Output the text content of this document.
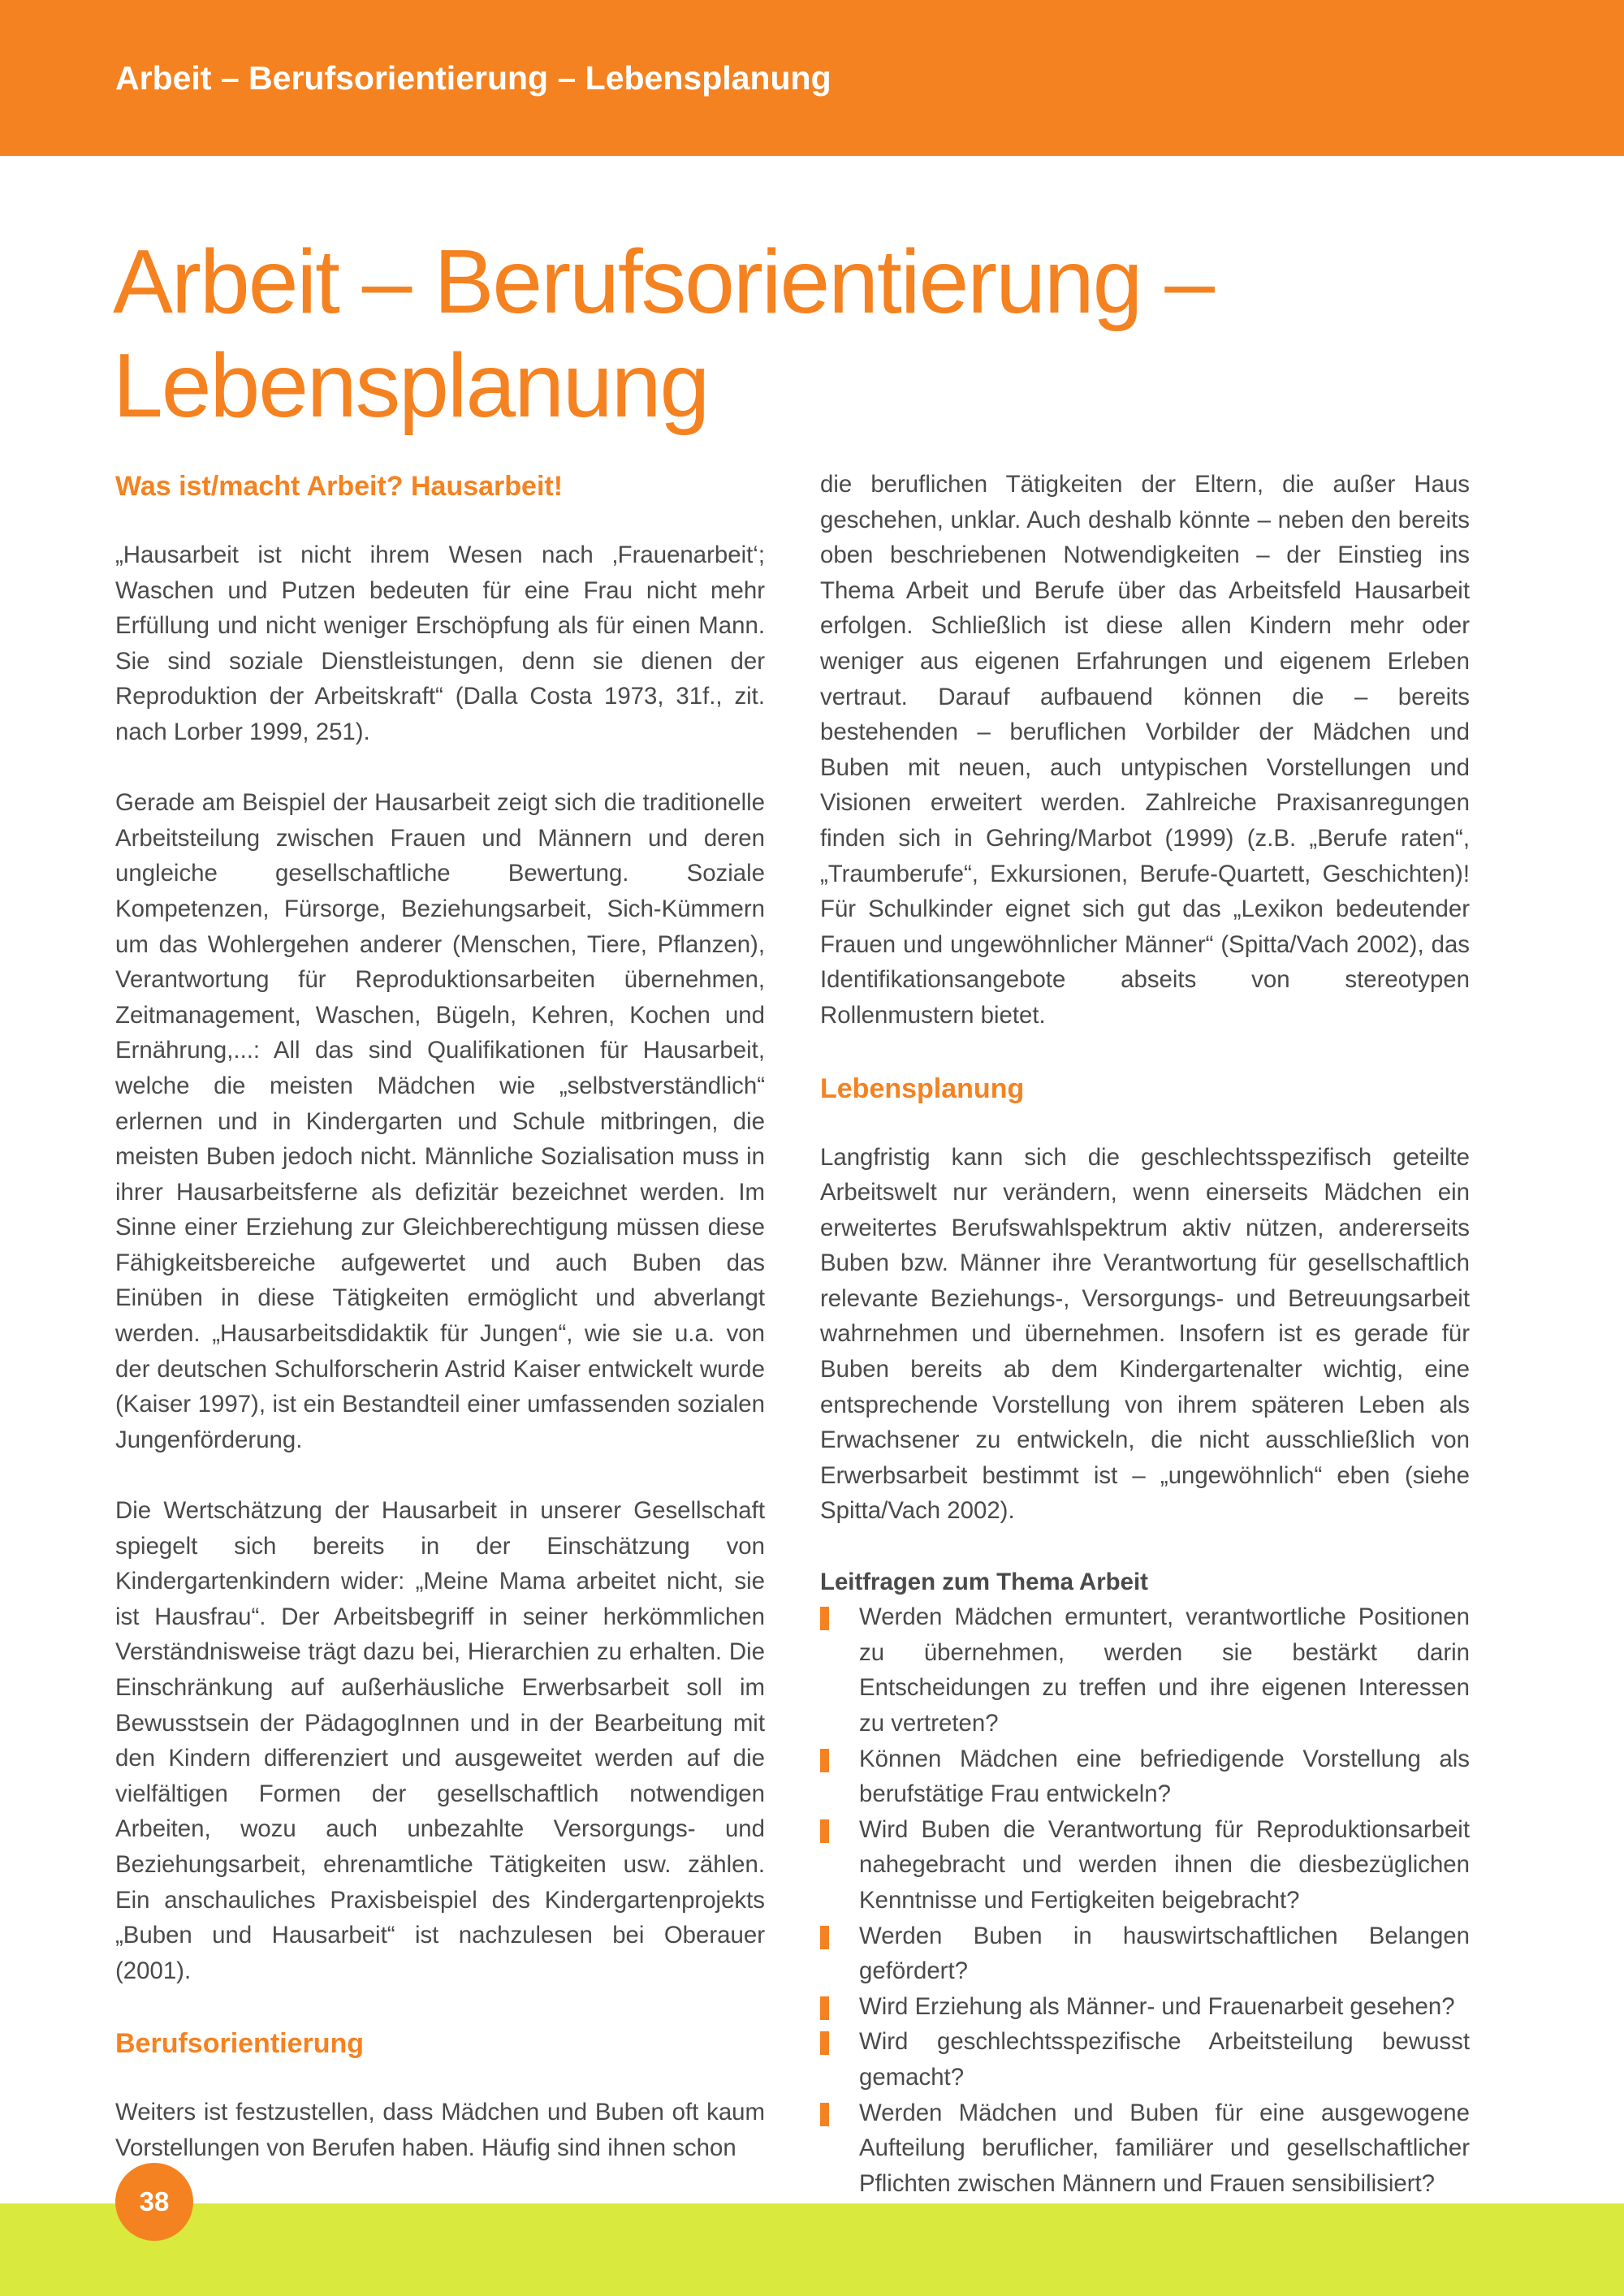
Arbeit – Berufsorientierung – Lebensplanung
Arbeit – Berufsorientierung –
Lebensplanung
Was ist/macht Arbeit? Hausarbeit!

„Hausarbeit ist nicht ihrem Wesen nach ‚Frauenarbeit‘; Waschen und Putzen bedeuten für eine Frau nicht mehr Erfüllung und nicht weniger Erschöpfung als für einen Mann. Sie sind soziale Dienstleistungen, denn sie dienen der Reproduktion der Arbeitskraft“ (Dalla Costa 1973, 31f., zit. nach Lorber 1999, 251).

Gerade am Beispiel der Hausarbeit zeigt sich die traditionelle Arbeitsteilung zwischen Frauen und Männern und deren ungleiche gesellschaftliche Bewertung. Soziale Kompetenzen, Fürsorge, Beziehungsarbeit, Sich-Kümmern um das Wohlergehen anderer (Menschen, Tiere, Pflanzen), Verantwortung für Reproduktionsarbeiten übernehmen, Zeitmanagement, Waschen, Bügeln, Kehren, Kochen und Ernährung,...: All das sind Qualifikationen für Hausarbeit, welche die meisten Mädchen wie „selbstverständlich“ erlernen und in Kindergarten und Schule mitbringen, die meisten Buben jedoch nicht. Männliche Sozialisation muss in ihrer Hausarbeitsferne als defizitär bezeichnet werden. Im Sinne einer Erziehung zur Gleichberechtigung müssen diese Fähigkeitsbereiche aufgewertet und auch Buben das Einüben in diese Tätigkeiten ermöglicht und abverlangt werden. „Hausarbeitsdidaktik für Jungen“, wie sie u.a. von der deutschen Schulforscherin Astrid Kaiser entwickelt wurde (Kaiser 1997), ist ein Bestandteil einer umfassenden sozialen Jungenförderung.

Die Wertschätzung der Hausarbeit in unserer Gesellschaft spiegelt sich bereits in der Einschätzung von Kindergartenkindern wider: „Meine Mama arbeitet nicht, sie ist Hausfrau“. Der Arbeitsbegriff in seiner herkömmlichen Verständnisweise trägt dazu bei, Hierarchien zu erhalten. Die Einschränkung auf außerhäusliche Erwerbsarbeit soll im Bewusstsein der PädagogInnen und in der Bearbeitung mit den Kindern differenziert und ausgeweitet werden auf die vielfältigen Formen der gesellschaftlich notwendigen Arbeiten, wozu auch unbezahlte Versorgungs- und Beziehungsarbeit, ehrenamtliche Tätigkeiten usw. zählen. Ein anschauliches Praxisbeispiel des Kindergartenprojekts „Buben und Hausarbeit“ ist nachzulesen bei Oberauer (2001).

Berufsorientierung

Weiters ist festzustellen, dass Mädchen und Buben oft kaum Vorstellungen von Berufen haben. Häufig sind ihnen schon

die beruflichen Tätigkeiten der Eltern, die außer Haus geschehen, unklar. Auch deshalb könnte – neben den bereits oben beschriebenen Notwendigkeiten – der Einstieg ins Thema Arbeit und Berufe über das Arbeitsfeld Hausarbeit erfolgen. Schließlich ist diese allen Kindern mehr oder weniger aus eigenen Erfahrungen und eigenem Erleben vertraut. Darauf aufbauend können die – bereits bestehenden – beruflichen Vorbilder der Mädchen und Buben mit neuen, auch untypischen Vorstellungen und Visionen erweitert werden. Zahlreiche Praxisanregungen finden sich in Gehring/Marbot (1999) (z.B. „Berufe raten“, „Traumberufe“, Exkursionen, Berufe-Quartett, Geschichten)! Für Schulkinder eignet sich gut das „Lexikon bedeutender Frauen und ungewöhnlicher Männer“ (Spitta/Vach 2002), das Identifikationsangebote abseits von stereotypen Rollenmustern bietet.

Lebensplanung

Langfristig kann sich die geschlechtsspezifisch geteilte Arbeitswelt nur verändern, wenn einerseits Mädchen ein erweitertes Berufswahlspektrum aktiv nützen, andererseits Buben bzw. Männer ihre Verantwortung für gesellschaftlich relevante Beziehungs-, Versorgungs- und Betreuungsarbeit wahrnehmen und übernehmen. Insofern ist es gerade für Buben bereits ab dem Kindergartenalter wichtig, eine entsprechende Vorstellung von ihrem späteren Leben als Erwachsener zu entwickeln, die nicht ausschließlich von Erwerbsarbeit bestimmt ist – „ungewöhnlich“ eben (siehe Spitta/Vach 2002).

Leitfragen zum Thema Arbeit
Werden Mädchen ermuntert, verantwortliche Positionen zu übernehmen, werden sie bestärkt darin Entscheidungen zu treffen und ihre eigenen Interessen zu vertreten?
Können Mädchen eine befriedigende Vorstellung als berufstätige Frau entwickeln?
Wird Buben die Verantwortung für Reproduktionsarbeit nahegebracht und werden ihnen die diesbezüglichen Kenntnisse und Fertigkeiten beigebracht?
Werden Buben in hauswirtschaftlichen Belangen gefördert?
Wird Erziehung als Männer- und Frauenarbeit gesehen?
Wird geschlechtsspezifische Arbeitsteilung bewusst gemacht?
Werden Mädchen und Buben für eine ausgewogene Aufteilung beruflicher, familiärer und gesellschaftlicher Pflichten zwischen Männern und Frauen sensibilisiert?
38
